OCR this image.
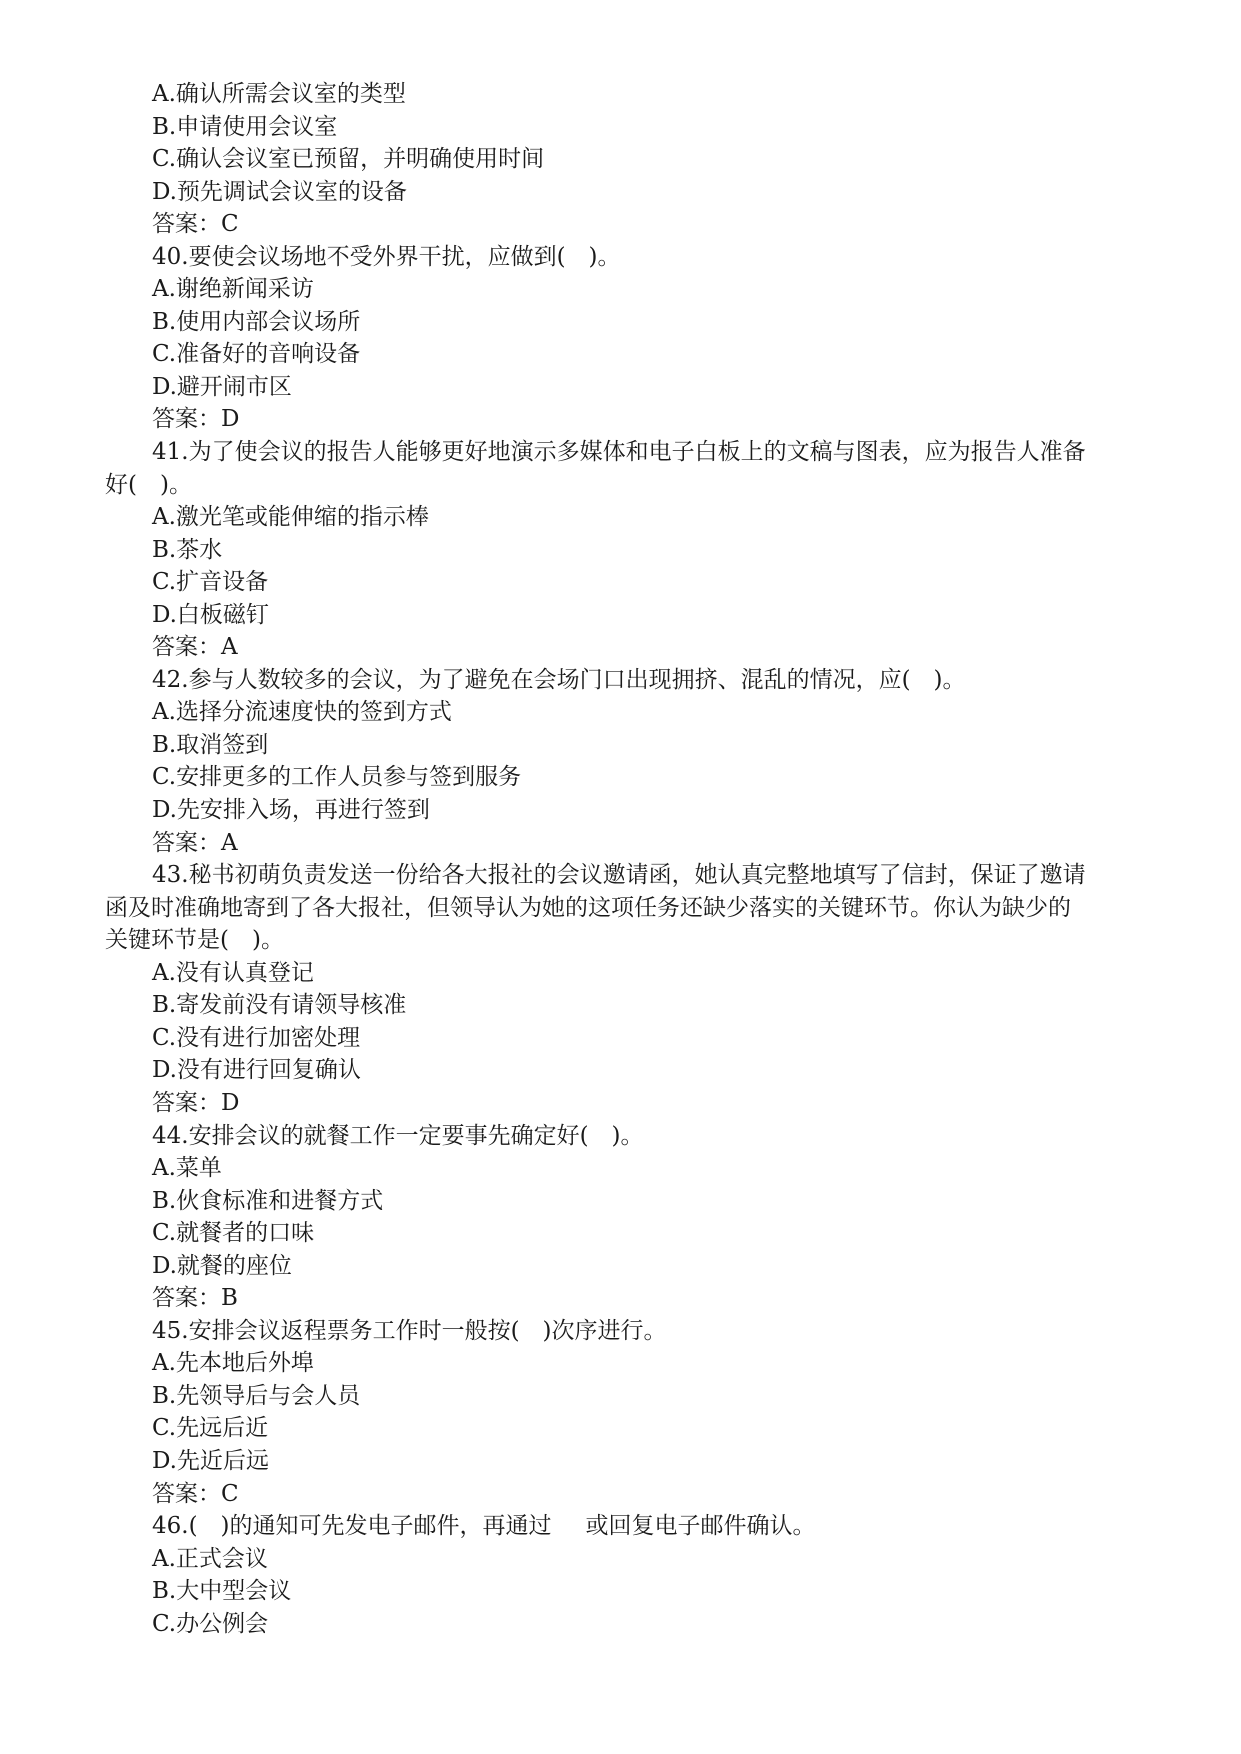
A.确认所需会议室的类型
B.申请使用会议室
C.确认会议室已预留，并明确使用时间
D.预先调试会议室的设备
答案：C
40.要使会议场地不受外界干扰，应做到(　)。
A.谢绝新闻采访
B.使用内部会议场所
C.准备好的音响设备
D.避开闹市区
答案：D
41.为了使会议的报告人能够更好地演示多媒体和电子白板上的文稿与图表，应为报告人准备
好(　)。
A.激光笔或能伸缩的指示棒
B.茶水
C.扩音设备
D.白板磁钉
答案：A
42.参与人数较多的会议，为了避免在会场门口出现拥挤、混乱的情况，应(　)。
A.选择分流速度快的签到方式
B.取消签到
C.安排更多的工作人员参与签到服务
D.先安排入场，再进行签到
答案：A
43.秘书初萌负责发送一份给各大报社的会议邀请函，她认真完整地填写了信封，保证了邀请
函及时准确地寄到了各大报社，但领导认为她的这项任务还缺少落实的关键环节。你认为缺少的
关键环节是(　)。
A.没有认真登记
B.寄发前没有请领导核准
C.没有进行加密处理
D.没有进行回复确认
答案：D
44.安排会议的就餐工作一定要事先确定好(　)。
A.菜单
B.伙食标准和进餐方式
C.就餐者的口味
D.就餐的座位
答案：B
45.安排会议返程票务工作时一般按(　)次序进行。
A.先本地后外埠
B.先领导后与会人员
C.先远后近
D.先近后远
答案：C
46.(　)的通知可先发电子邮件，再通过 或回复电子邮件确认。
A.正式会议
B.大中型会议
C.办公例会
